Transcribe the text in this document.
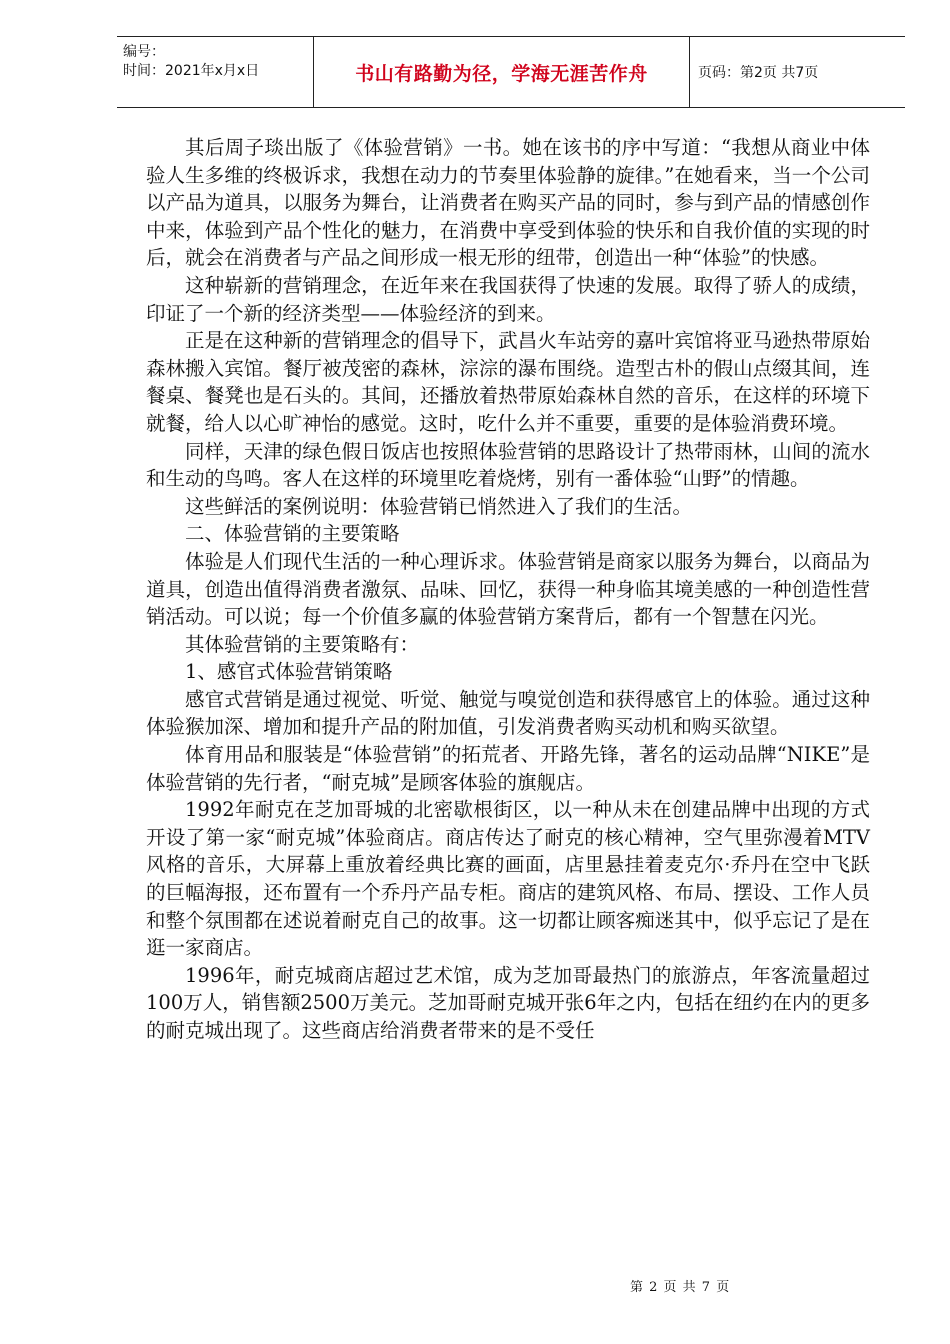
编号：
时间：2021年x月x日	书山有路勤为径，学海无涯苦作舟	页码：第2页 共7页

其后周子琰出版了《体验营销》一书。她在该书的序中写道：“我想从商业中体验人生多维的终极诉求，我想在动力的节奏里体验静的旋律。”在她看来，当一个公司以产品为道具，以服务为舞台，让消费者在购买产品的同时，参与到产品的情感创作中来，体验到产品个性化的魅力，在消费中享受到体验的快乐和自我价值的实现的时后，就会在消费者与产品之间形成一根无形的纽带，创造出一种“体验”的快感。

这种崭新的营销理念，在近年来在我国获得了快速的发展。取得了骄人的成绩，印证了一个新的经济类型——体验经济的到来。

正是在这种新的营销理念的倡导下，武昌火车站旁的嘉叶宾馆将亚马逊热带原始森林搬入宾馆。餐厅被茂密的森林，淙淙的瀑布围绕。造型古朴的假山点缀其间，连餐桌、餐凳也是石头的。其间，还播放着热带原始森林自然的音乐，在这样的环境下就餐，给人以心旷神怡的感觉。这时，吃什么并不重要，重要的是体验消费环境。

同样，天津的绿色假日饭店也按照体验营销的思路设计了热带雨林，山间的流水和生动的鸟鸣。客人在这样的环境里吃着烧烤，别有一番体验“山野”的情趣。

这些鲜活的案例说明：体验营销已悄然进入了我们的生活。

二、体验营销的主要策略

体验是人们现代生活的一种心理诉求。体验营销是商家以服务为舞台，以商品为道具，创造出值得消费者激氛、品味、回忆，获得一种身临其境美感的一种创造性营销活动。可以说；每一个价值多赢的体验营销方案背后，都有一个智慧在闪光。

其体验营销的主要策略有：

1、感官式体验营销策略

感官式营销是通过视觉、听觉、触觉与嗅觉创造和获得感官上的体验。通过这种体验猴加深、增加和提升产品的附加值，引发消费者购买动机和购买欲望。

体育用品和服装是“体验营销”的拓荒者、开路先锋，著名的运动品牌“NIKE”是体验营销的先行者，“耐克城”是顾客体验的旗舰店。

1992年耐克在芝加哥城的北密歇根街区，以一种从未在创建品牌中出现的方式开设了第一家“耐克城”体验商店。商店传达了耐克的核心精神，空气里弥漫着MTV风格的音乐，大屏幕上重放着经典比赛的画面，店里悬挂着麦克尔·乔丹在空中飞跃的巨幅海报，还布置有一个乔丹产品专柜。商店的建筑风格、布局、摆设、工作人员和整个氛围都在述说着耐克自己的故事。这一切都让顾客痴迷其中，似乎忘记了是在逛一家商店。

1996年，耐克城商店超过艺术馆，成为芝加哥最热门的旅游点，年客流量超过100万人，销售额2500万美元。芝加哥耐克城开张6年之内，包括在纽约在内的更多的耐克城出现了。这些商店给消费者带来的是不受任

第 2 页 共 7 页
